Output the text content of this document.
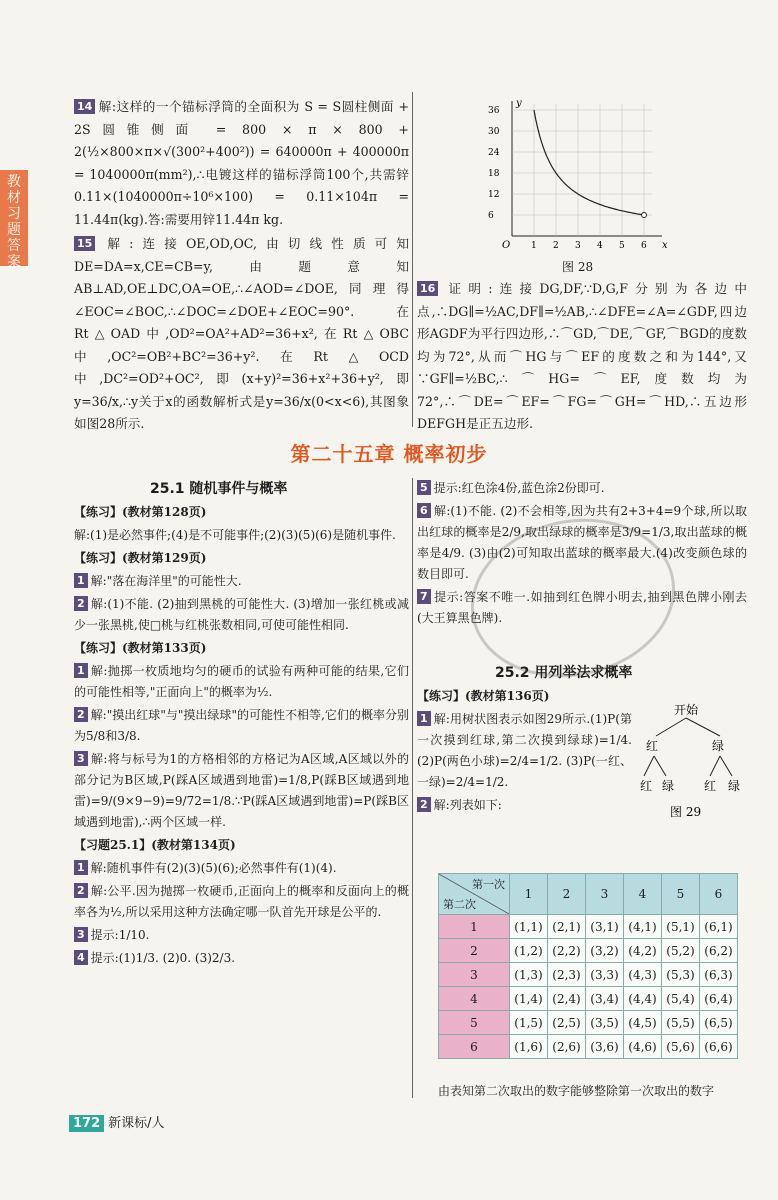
教
材
习
题
答
案

14 解:这样的一个锚标浮筒的全面积为 S = S圆柱侧面 + 2S圆锥侧面 = 800 × π × 800 + 2(½×800×π×√(300²+400²)) = 640000π + 400000π = 1040000π(mm²),∴电镀这样的锚标浮筒100个,共需锌0.11×(1040000π÷10⁶×100) = 0.11×104π = 11.44π(kg).答:需要用锌11.44π kg.

15 解:连接OE,OD,OC,由切线性质可知DE=DA=x,CE=CB=y,由题意知AB⊥AD,OE⊥DC,OA=OE,∴∠AOD=∠DOE,同理得∠EOC=∠BOC,∴∠DOC=∠DOE+∠EOC=90°.在Rt△OAD中,OD²=OA²+AD²=36+x²,在Rt△OBC中,OC²=OB²+BC²=36+y².在Rt△OCD中,DC²=OD²+OC²,即(x+y)²=36+x²+36+y²,即y=36/x,∴y关于x的函数解析式是y=36/x(0<x<6),其图象如图28所示.

1 2 3 4 5 6
6
12
18
24
30
36
x
y
O
图 28

16 证明:连接DG,DF,∵D,G,F分别为各边中点,∴DG∥=½AC,DF∥=½AB,∴∠DFE=∠A=∠GDF,四边形AGDF为平行四边形,∴⌒GD,⌒DE,⌒GF,⌒BGD的度数均为72°,从而⌒HG与⌒EF的度数之和为144°,又∵GF∥=½BC,∴⌒HG=⌒EF,度数均为72°,∴⌒DE=⌒EF=⌒FG=⌒GH=⌒HD,∴五边形DEFGH是正五边形.

第二十五章 概率初步
25.1 随机事件与概率
【练习】(教材第128页)

解:(1)是必然事件;(4)是不可能事件;(2)(3)(5)(6)是随机事件.

【练习】(教材第129页)

1 解:"落在海洋里"的可能性大.

2 解:(1)不能. (2)抽到黑桃的可能性大. (3)增加一张红桃或减少一张黑桃,使□桃与红桃张数相同,可使可能性相同.

【练习】(教材第133页)

1 解:抛掷一枚质地均匀的硬币的试验有两种可能的结果,它们的可能性相等,"正面向上"的概率为½.

2 解:"摸出红球"与"摸出绿球"的可能性不相等,它们的概率分别为5/8和3/8.

3 解:将与标号为1的方格相邻的方格记为A区域,A区域以外的部分记为B区域,P(踩A区域遇到地雷)=1/8,P(踩B区域遇到地雷)=9/(9×9−9)=9/72=1/8.∵P(踩A区域遇到地雷)=P(踩B区域遇到地雷),∴两个区域一样.

【习题25.1】(教材第134页)

1 解:随机事件有(2)(3)(5)(6);必然事件有(1)(4).

2 解:公平.因为抛掷一枚硬币,正面向上的概率和反面向上的概率各为½,所以采用这种方法确定哪一队首先开球是公平的.

3 提示:1/10.

4 提示:(1)1/3. (2)0. (3)2/3.

5 提示:红色涂4份,蓝色涂2份即可.

6 解:(1)不能. (2)不会相等,因为共有2+3+4=9个球,所以取出红球的概率是2/9,取出绿球的概率是3/9=1/3,取出蓝球的概率是4/9. (3)由(2)可知取出蓝球的概率最大.(4)改变颜色球的数目即可.

7 提示:答案不唯一.如抽到红色牌小明去,抽到黑色牌小刚去(大王算黑色牌).

25.2 用列举法求概率
【练习】(教材第136页)

1 解:用树状图表示如图29所示.(1)P(第一次摸到红球,第二次摸到绿球)=1/4. (2)P(两色小球)=2/4=1/2. (3)P(一红、一绿)=2/4=1/2.

2 解:列表如下:

开始
红	绿
红 绿 红 绿
图 29
第一次
第二次	1	2	3	4	5	6
1	(1,1)	(2,1)	(3,1)	(4,1)	(5,1)	(6,1)
2	(1,2)	(2,2)	(3,2)	(4,2)	(5,2)	(6,2)
3	(1,3)	(2,3)	(3,3)	(4,3)	(5,3)	(6,3)
4	(1,4)	(2,4)	(3,4)	(4,4)	(5,4)	(6,4)
5	(1,5)	(2,5)	(3,5)	(4,5)	(5,5)	(6,5)
6	(1,6)	(2,6)	(3,6)	(4,6)	(5,6)	(6,6)
由表知第二次取出的数字能够整除第一次取出的数字
172 新课标/人
